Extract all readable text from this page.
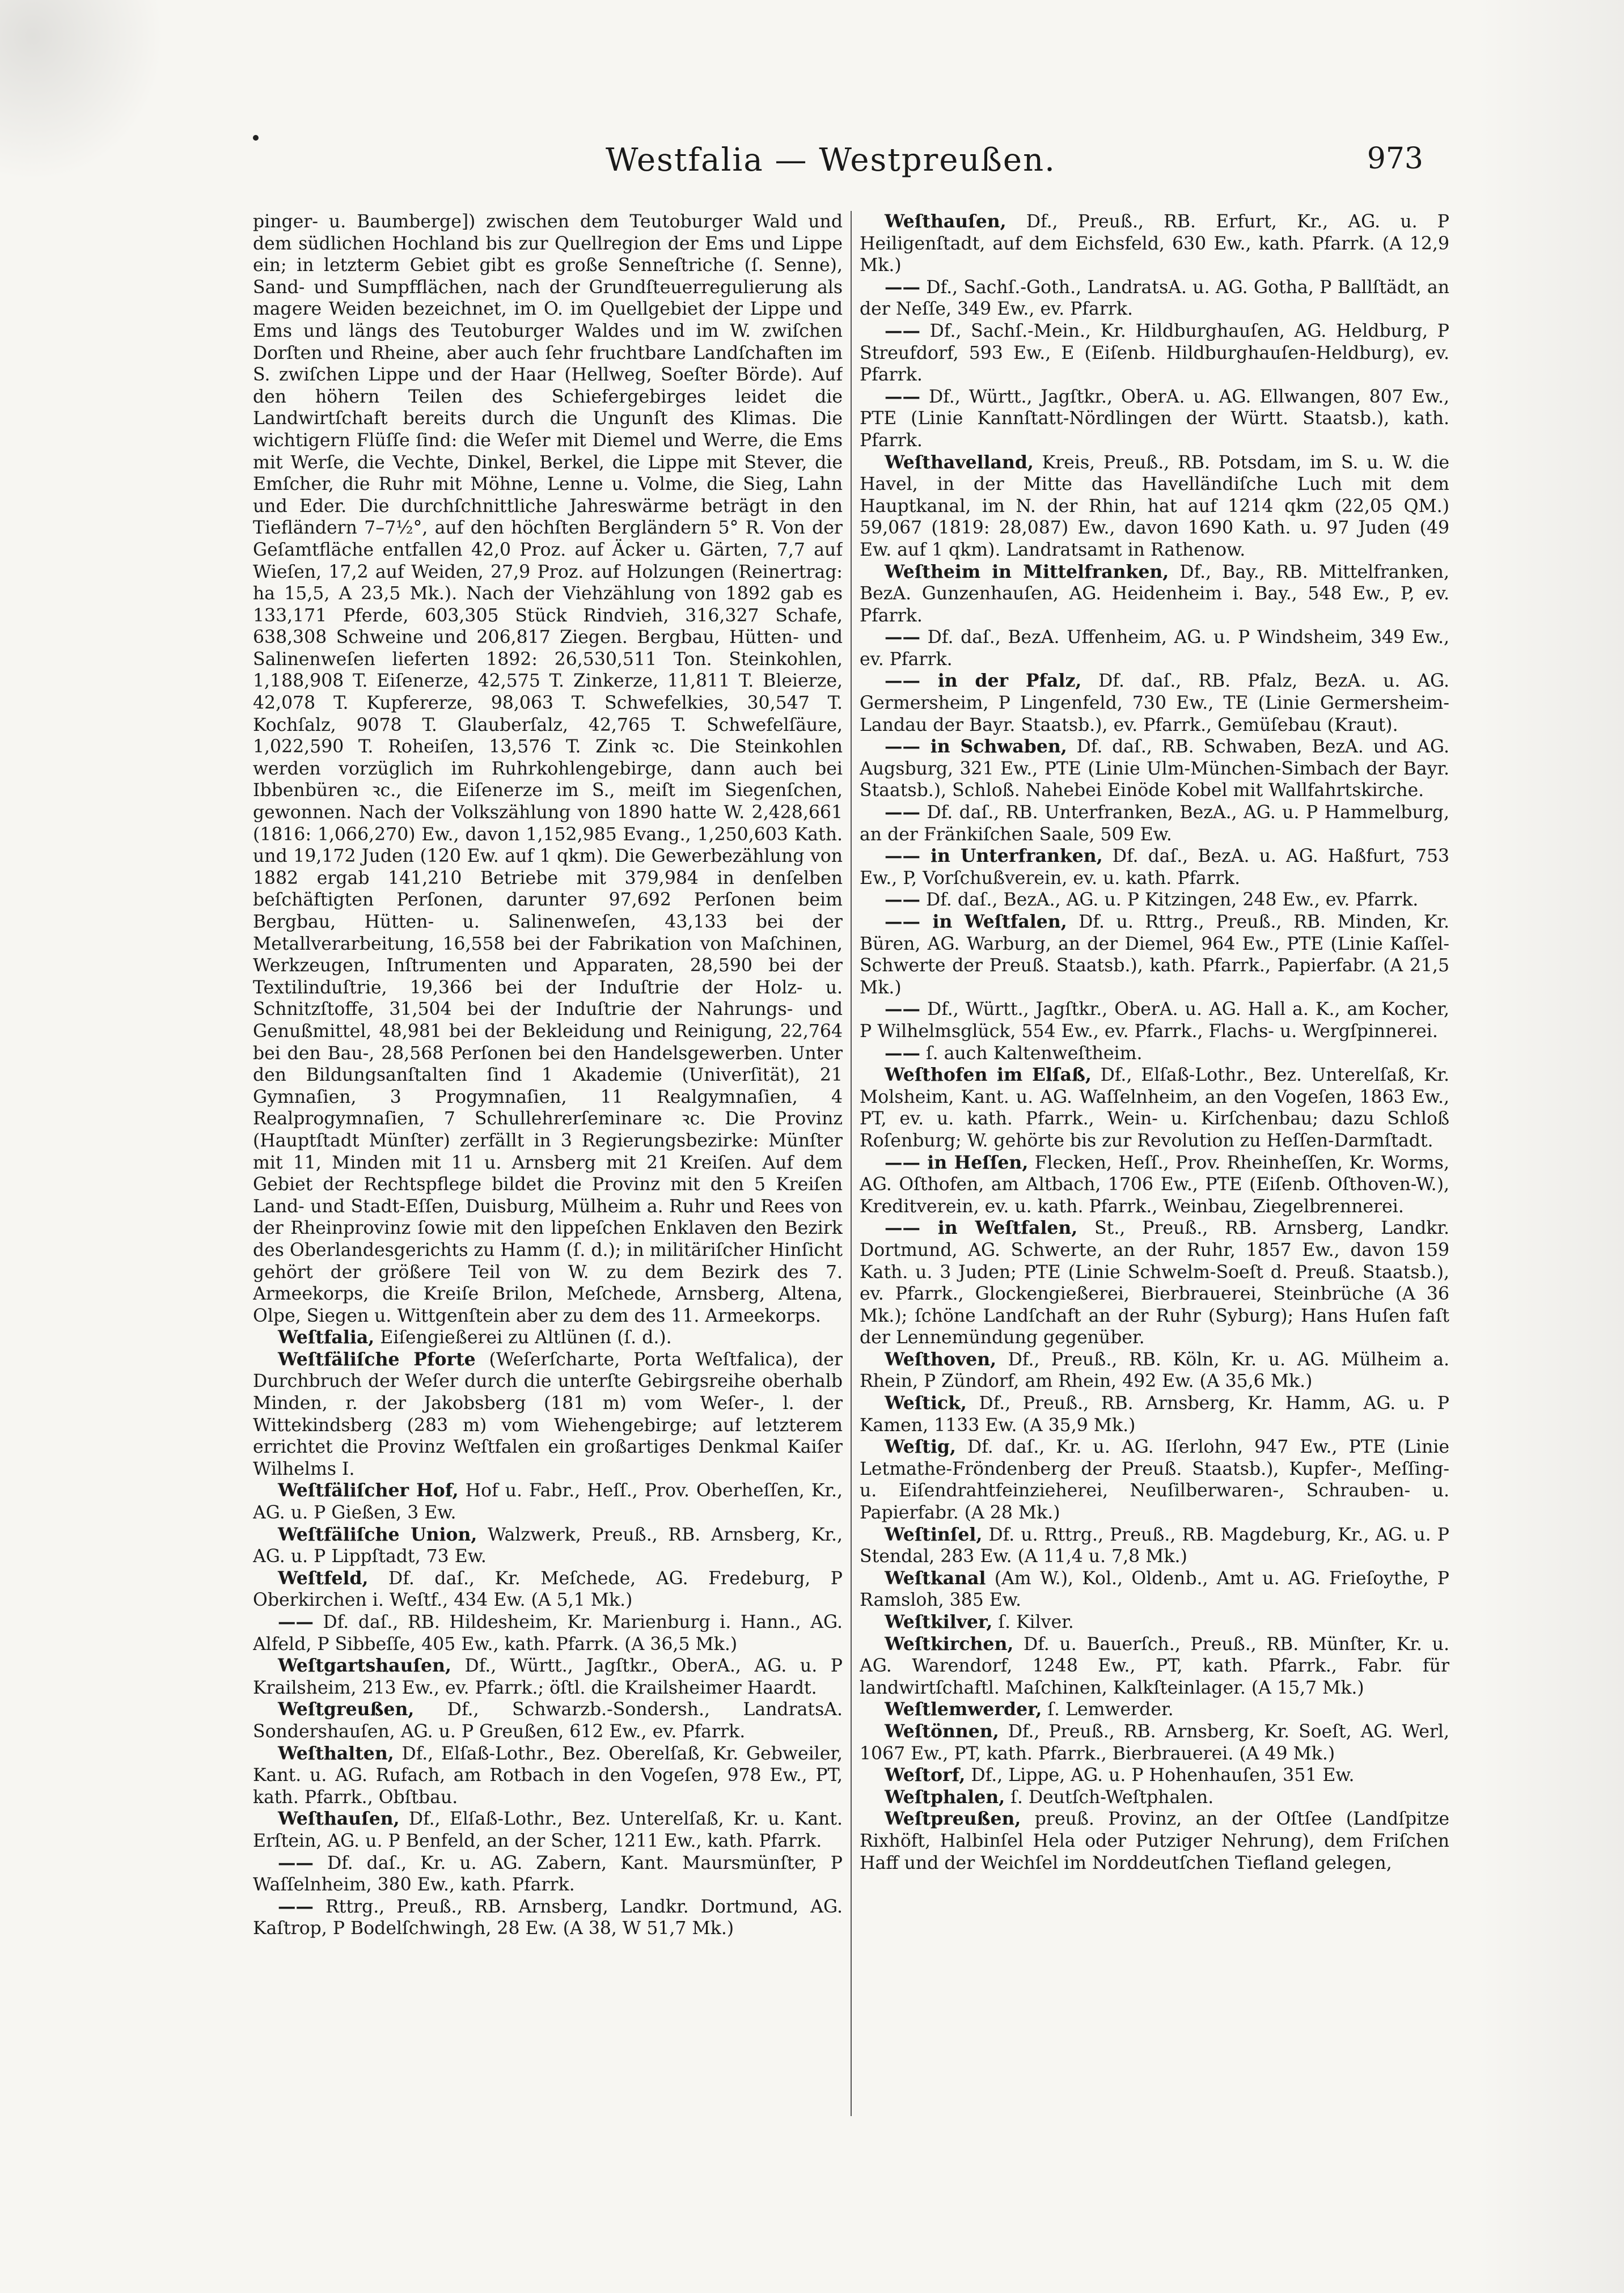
Westfalia — Westpreußen.	973

pinger- u. Baumberge]) zwischen dem Teutoburger Wald und dem südlichen Hochland bis zur Quellregion der Ems und Lippe ein; in letzterm Gebiet gibt es große Senneſtriche (ſ. Senne), Sand- und Sumpfflächen, nach der Grundſteuerregulierung als magere Weiden bezeichnet, im O. im Quellgebiet der Lippe und Ems und längs des Teutoburger Waldes und im W. zwiſchen Dorſten und Rheine, aber auch ſehr fruchtbare Landſchaften im S. zwiſchen Lippe und der Haar (Hellweg, Soeſter Börde). Auf den höhern Teilen des Schiefergebirges leidet die Landwirtſchaft bereits durch die Ungunſt des Klimas. Die wichtigern Flüſſe ſind: die Weſer mit Diemel und Werre, die Ems mit Werſe, die Vechte, Dinkel, Berkel, die Lippe mit Stever, die Emſcher, die Ruhr mit Möhne, Lenne u. Volme, die Sieg, Lahn und Eder. Die durchſchnittliche Jahreswärme beträgt in den Tiefländern 7–7½°, auf den höchſten Bergländern 5° R. Von der Geſamtfläche entfallen 42,0 Proz. auf Äcker u. Gärten, 7,7 auf Wieſen, 17,2 auf Weiden, 27,9 Proz. auf Holzungen (Reinertrag: ha 15,5, A 23,5 Mk.). Nach der Viehzählung von 1892 gab es 133,171 Pferde, 603,305 Stück Rindvieh, 316,327 Schafe, 638,308 Schweine und 206,817 Ziegen. Bergbau, Hütten- und Salinenweſen lieferten 1892: 26,530,511 Ton. Steinkohlen, 1,188,908 T. Eiſenerze, 42,575 T. Zinkerze, 11,811 T. Bleierze, 42,078 T. Kupfererze, 98,063 T. Schwefelkies, 30,547 T. Kochſalz, 9078 T. Glauberſalz, 42,765 T. Schwefelſäure, 1,022,590 T. Roheiſen, 13,576 T. Zink ꝛc. Die Steinkohlen werden vorzüglich im Ruhrkohlengebirge, dann auch bei Ibbenbüren ꝛc., die Eiſenerze im S., meiſt im Siegenſchen, gewonnen. Nach der Volkszählung von 1890 hatte W. 2,428,661 (1816: 1,066,270) Ew., davon 1,152,985 Evang., 1,250,603 Kath. und 19,172 Juden (120 Ew. auf 1 qkm). Die Gewerbezählung von 1882 ergab 141,210 Betriebe mit 379,984 in denſelben beſchäftigten Perſonen, darunter 97,692 Perſonen beim Bergbau, Hütten- u. Salinenweſen, 43,133 bei der Metallverarbeitung, 16,558 bei der Fabrikation von Maſchinen, Werkzeugen, Inſtrumenten und Apparaten, 28,590 bei der Textilinduſtrie, 19,366 bei der Induſtrie der Holz- u. Schnitzſtoffe, 31,504 bei der Induſtrie der Nahrungs- und Genußmittel, 48,981 bei der Bekleidung und Reinigung, 22,764 bei den Bau-, 28,568 Perſonen bei den Handelsgewerben. Unter den Bildungsanſtalten ſind 1 Akademie (Univerſität), 21 Gymnaſien, 3 Progymnaſien, 11 Realgymnaſien, 4 Realprogymnaſien, 7 Schullehrerſeminare ꝛc. Die Provinz (Hauptſtadt Münſter) zerfällt in 3 Regierungsbezirke: Münſter mit 11, Minden mit 11 u. Arnsberg mit 21 Kreiſen. Auf dem Gebiet der Rechtspflege bildet die Provinz mit den 5 Kreiſen Land- und Stadt-Eſſen, Duisburg, Mülheim a. Ruhr und Rees von der Rheinprovinz ſowie mit den lippeſchen Enklaven den Bezirk des Oberlandesgerichts zu Hamm (ſ. d.); in militäriſcher Hinſicht gehört der größere Teil von W. zu dem Bezirk des 7. Armeekorps, die Kreiſe Brilon, Meſchede, Arnsberg, Altena, Olpe, Siegen u. Wittgenſtein aber zu dem des 11. Armeekorps.

Weſtfalia, Eiſengießerei zu Altlünen (ſ. d.).

Weſtfäliſche Pforte (Weſerſcharte, Porta Weſtfalica), der Durchbruch der Weſer durch die unterſte Gebirgsreihe oberhalb Minden, r. der Jakobsberg (181 m) vom Weſer-, l. der Wittekindsberg (283 m) vom Wiehengebirge; auf letzterem errichtet die Provinz Weſtfalen ein großartiges Denkmal Kaiſer Wilhelms I.

Weſtfäliſcher Hof, Hof u. Fabr., Heſſ., Prov. Oberheſſen, Kr., AG. u. P Gießen, 3 Ew.

Weſtfäliſche Union, Walzwerk, Preuß., RB. Arnsberg, Kr., AG. u. P Lippſtadt, 73 Ew.

Weſtfeld, Df. daſ., Kr. Meſchede, AG. Fredeburg, P Oberkirchen i. Weſtf., 434 Ew. (A 5,1 Mk.)

—— Df. daſ., RB. Hildesheim, Kr. Marienburg i. Hann., AG. Alfeld, P Sibbeſſe, 405 Ew., kath. Pfarrk. (A 36,5 Mk.)

Weſtgartshauſen, Df., Württ., Jagſtkr., OberA., AG. u. P Krailsheim, 213 Ew., ev. Pfarrk.; öſtl. die Krailsheimer Haardt.

Weſtgreußen, Df., Schwarzb.-Sondersh., LandratsA. Sondershauſen, AG. u. P Greußen, 612 Ew., ev. Pfarrk.

Weſthalten, Df., Elſaß-Lothr., Bez. Oberelſaß, Kr. Gebweiler, Kant. u. AG. Rufach, am Rotbach in den Vogeſen, 978 Ew., PT, kath. Pfarrk., Obſtbau.

Weſthauſen, Df., Elſaß-Lothr., Bez. Unterelſaß, Kr. u. Kant. Erſtein, AG. u. P Benfeld, an der Scher, 1211 Ew., kath. Pfarrk.

—— Df. daſ., Kr. u. AG. Zabern, Kant. Maursmünſter, P Waſſelnheim, 380 Ew., kath. Pfarrk.

—— Rttrg., Preuß., RB. Arnsberg, Landkr. Dortmund, AG. Kaſtrop, P Bodelſchwingh, 28 Ew. (A 38, W 51,7 Mk.)

Weſthauſen, Df., Preuß., RB. Erfurt, Kr., AG. u. P Heiligenſtadt, auf dem Eichsfeld, 630 Ew., kath. Pfarrk. (A 12,9 Mk.)

—— Df., Sachſ.-Goth., LandratsA. u. AG. Gotha, P Ballſtädt, an der Neſſe, 349 Ew., ev. Pfarrk.

—— Df., Sachſ.-Mein., Kr. Hildburghauſen, AG. Heldburg, P Streufdorf, 593 Ew., E (Eiſenb. Hildburghauſen-Heldburg), ev. Pfarrk.

—— Df., Württ., Jagſtkr., OberA. u. AG. Ellwangen, 807 Ew., PTE (Linie Kannſtatt-Nördlingen der Württ. Staatsb.), kath. Pfarrk.

Weſthavelland, Kreis, Preuß., RB. Potsdam, im S. u. W. die Havel, in der Mitte das Havelländiſche Luch mit dem Hauptkanal, im N. der Rhin, hat auf 1214 qkm (22,05 QM.) 59,067 (1819: 28,087) Ew., davon 1690 Kath. u. 97 Juden (49 Ew. auf 1 qkm). Landratsamt in Rathenow.

Weſtheim in Mittelfranken, Df., Bay., RB. Mittelfranken, BezA. Gunzenhauſen, AG. Heidenheim i. Bay., 548 Ew., P, ev. Pfarrk.

—— Df. daſ., BezA. Uffenheim, AG. u. P Windsheim, 349 Ew., ev. Pfarrk.

—— in der Pfalz, Df. daſ., RB. Pfalz, BezA. u. AG. Germersheim, P Lingenfeld, 730 Ew., TE (Linie Germersheim-Landau der Bayr. Staatsb.), ev. Pfarrk., Gemüſebau (Kraut).

—— in Schwaben, Df. daſ., RB. Schwaben, BezA. und AG. Augsburg, 321 Ew., PTE (Linie Ulm-München-Simbach der Bayr. Staatsb.), Schloß. Nahebei Einöde Kobel mit Wallfahrtskirche.

—— Df. daſ., RB. Unterfranken, BezA., AG. u. P Hammelburg, an der Fränkiſchen Saale, 509 Ew.

—— in Unterfranken, Df. daſ., BezA. u. AG. Haßfurt, 753 Ew., P, Vorſchußverein, ev. u. kath. Pfarrk.

—— Df. daſ., BezA., AG. u. P Kitzingen, 248 Ew., ev. Pfarrk.

—— in Weſtfalen, Df. u. Rttrg., Preuß., RB. Minden, Kr. Büren, AG. Warburg, an der Diemel, 964 Ew., PTE (Linie Kaſſel-Schwerte der Preuß. Staatsb.), kath. Pfarrk., Papierfabr. (A 21,5 Mk.)

—— Df., Württ., Jagſtkr., OberA. u. AG. Hall a. K., am Kocher, P Wilhelmsglück, 554 Ew., ev. Pfarrk., Flachs- u. Wergſpinnerei.

—— ſ. auch Kaltenweſtheim.

Weſthofen im Elſaß, Df., Elſaß-Lothr., Bez. Unterelſaß, Kr. Molsheim, Kant. u. AG. Waſſelnheim, an den Vogeſen, 1863 Ew., PT, ev. u. kath. Pfarrk., Wein- u. Kirſchenbau; dazu Schloß Roſenburg; W. gehörte bis zur Revolution zu Heſſen-Darmſtadt.

—— in Heſſen, Flecken, Heſſ., Prov. Rheinheſſen, Kr. Worms, AG. Oſthofen, am Altbach, 1706 Ew., PTE (Eiſenb. Oſthoven-W.), Kreditverein, ev. u. kath. Pfarrk., Weinbau, Ziegelbrennerei.

—— in Weſtfalen, St., Preuß., RB. Arnsberg, Landkr. Dortmund, AG. Schwerte, an der Ruhr, 1857 Ew., davon 159 Kath. u. 3 Juden; PTE (Linie Schwelm-Soeſt d. Preuß. Staatsb.), ev. Pfarrk., Glockengießerei, Bierbrauerei, Steinbrüche (A 36 Mk.); ſchöne Landſchaft an der Ruhr (Syburg); Hans Huſen faſt der Lennemündung gegenüber.

Weſthoven, Df., Preuß., RB. Köln, Kr. u. AG. Mülheim a. Rhein, P Zündorf, am Rhein, 492 Ew. (A 35,6 Mk.)

Weſtick, Df., Preuß., RB. Arnsberg, Kr. Hamm, AG. u. P Kamen, 1133 Ew. (A 35,9 Mk.)

Weſtig, Df. daſ., Kr. u. AG. Iſerlohn, 947 Ew., PTE (Linie Letmathe-Fröndenberg der Preuß. Staatsb.), Kupfer-, Meſſing- u. Eiſendrahtfeinzieherei, Neuſilberwaren-, Schrauben- u. Papierfabr. (A 28 Mk.)

Weſtinſel, Df. u. Rttrg., Preuß., RB. Magdeburg, Kr., AG. u. P Stendal, 283 Ew. (A 11,4 u. 7,8 Mk.)

Weſtkanal (Am W.), Kol., Oldenb., Amt u. AG. Frieſoythe, P Ramsloh, 385 Ew.

Weſtkilver, ſ. Kilver.

Weſtkirchen, Df. u. Bauerſch., Preuß., RB. Münſter, Kr. u. AG. Warendorf, 1248 Ew., PT, kath. Pfarrk., Fabr. für landwirtſchaftl. Maſchinen, Kalkſteinlager. (A 15,7 Mk.)

Weſtlemwerder, ſ. Lemwerder.

Weſtönnen, Df., Preuß., RB. Arnsberg, Kr. Soeſt, AG. Werl, 1067 Ew., PT, kath. Pfarrk., Bierbrauerei. (A 49 Mk.)

Weſtorf, Df., Lippe, AG. u. P Hohenhauſen, 351 Ew.

Weſtphalen, ſ. Deutſch-Weſtphalen.

Weſtpreußen, preuß. Provinz, an der Oſtſee (Landſpitze Rixhöft, Halbinſel Hela oder Putziger Nehrung), dem Friſchen Haff und der Weichſel im Norddeutſchen Tiefland gelegen,
